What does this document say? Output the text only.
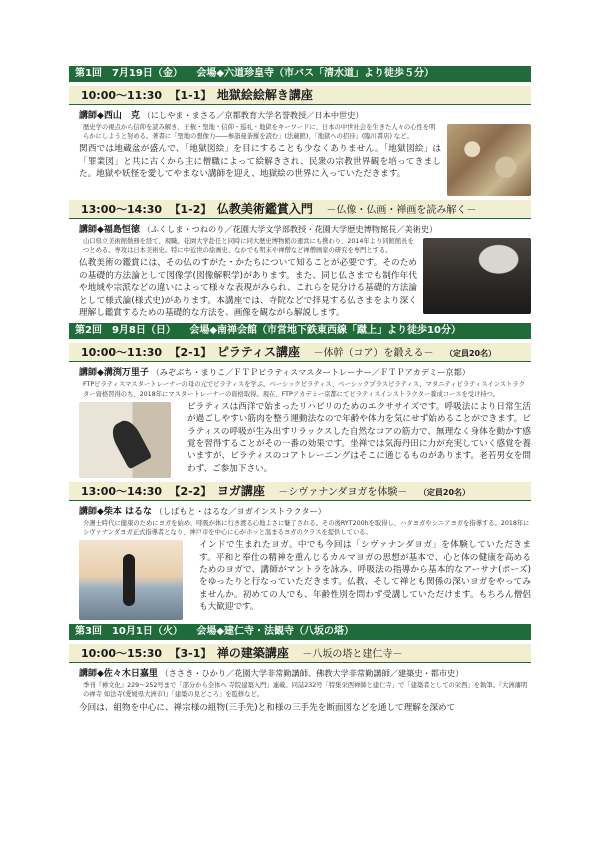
第1回　7月19日（金） 会場◆六道珍皇寺（市バス「清水道」より徒歩５分）
10:00～11:30 【1-1】 地獄絵絵解き講座
講師◆西山　克 （にしやま・まさる／京都教育大学名誉教授／日本中世史）
歴史学の視点から信仰を読み解き、王権・聖地・信仰・巡礼・地獄をキーワードに、日本の中世社会を生きた人々の心性を明らかにしようと努める。著書に「聖地の想像力――参詣曼荼羅を読む」(法蔵館)、「地獄への招待」(臨川書店) など。
関西では地蔵盆が盛んで、「地獄図絵」を目にすることも少なくありません。「地獄図絵」は「罪業図」と共に古くから主に僧職によって絵解きされ、民衆の宗教世界観を培ってきました。地獄や妖怪を愛してやまない講師を迎え、地獄絵の世界に入っていただきます。
13:00～14:30 【1-2】 仏教美術鑑賞入門 －仏像・仏画・禅画を読み解く－
講師◆福島恒徳 （ふくしま・つねのり／花園大学文学部教授・花園大学歴史博物館長／美術史）
山口県立美術館勤務を経て、現職。花園大学赴任と同時に同大歴史博物館の運営にも携わり、2014年より同館館長をつとめる。専攻は日本美術史。特に中近世の絵画史、なかでも明末や禅僧など禅僧画家の研究を専門とする。
仏教美術の鑑賞には、その仏のすがた・かたちについて知ることが必要です。そのための基礎的方法論として図像学(図像解釈学)があります。また、同じ仏さまでも制作年代や地域や宗派などの違いによって様々な表現がみられ、これらを見分ける基礎的方法論として様式論(様式史)があります。本講座では、寺院などで拝見する仏さまをより深く理解し鑑賞するための基礎的な方法を、画像を観ながら解説します。
第2回　9月8日（日） 会場◆南禅会館（市営地下鉄東西線「蹴上」より徒歩10分）
10:00～11:30 【2-1】 ピラティス講座 －体幹（コア）を鍛える－ （定員20名）
講師◆溝渕万里子 （みぞぶち・まりこ／ＦＴＰピラティスマスタートレーナー／ＦＴＰアカデミー京都）
FTPピラティスマスタートレーナーの母の元でピラティスを学ぶ。ベーシックピラティス、ベーシックプラスピラティス、マタニティピラティスインストラクター資格習得のち、2018年にマスタートレーナーの資格取得。現在、FTPアカデミー京都にてピラティスインストラクター養成コースを受け持つ。
ピラティスは西洋で始まったリハビリのためのエクササイズです。呼吸法により日常生活が過ごしやすい筋肉を整う運動法なので年齢や体力を気にせず始めることができます。ピラティスの呼吸が生み出すリラックスした自然なコアの筋力で、無理なく身体を動かす感覚を習得することがその一番の効果です。坐禅では気海丹田に力が充実していく感覚を養いますが、ピラティスのコアトレーニングはそこに通じるものがあります。老若男女を問わず、ご参加下さい。
13:00～14:30 【2-2】 ヨガ講座 －シヴァナンダヨガを体験－ （定員20名）
講師◆柴本 はるな （しばもと・はるな／ヨガインストラクター）
介護士時代に健康のためにヨガを始め、呼吸が体に行き渡る心地よさに魅了される。その後RYT200hを取得し、ハタヨガやシニアヨガを指導する。2018年にシヴァナンダヨガ正式指導者となり、神戸市を中心に心がホッと温まるヨガのクラスを提供している。
インドで生まれたヨガ。中でも今回は「シヴァナンダヨガ」を体験していただきます。平和と奉仕の精神を重んじるカルマヨガの思想が基本で、心と体の健康を高めるためのヨガで、講師がマントラを詠み、呼吸法の指導から基本的なアーサナ(ポーズ)をゆったりと行なっていただきます。仏教、そして禅とも関係の深いヨガをやってみませんか。初めての人でも、年齢性別を問わず受講していただけます。もちろん僧侶も大歓迎です。
第3回　10月1日（火） 会場◆建仁寺・法観寺（八坂の塔）
10:00～15:30 【3-1】 禅の建築講座 －八坂の塔と建仁寺－
講師◆佐々木日嘉里 （ささき・ひかり／花園大学非常勤講師、佛教大学非常勤講師／建築史・都市史）
季刊『禅文化』229～252号まで「部分から全体へ 寺院建築入門」連載。同誌232号「特集栄西禅師と建仁寺」で「建築者としての栄西」を執筆。『大洲藩明の禅寺 如法寺(愛媛県大洲市)』「建築の見どころ」を監修など。
今回は、組物を中心に、禅宗様の組物(三手先)と和様の三手先を断面図などを通して理解を深めて
